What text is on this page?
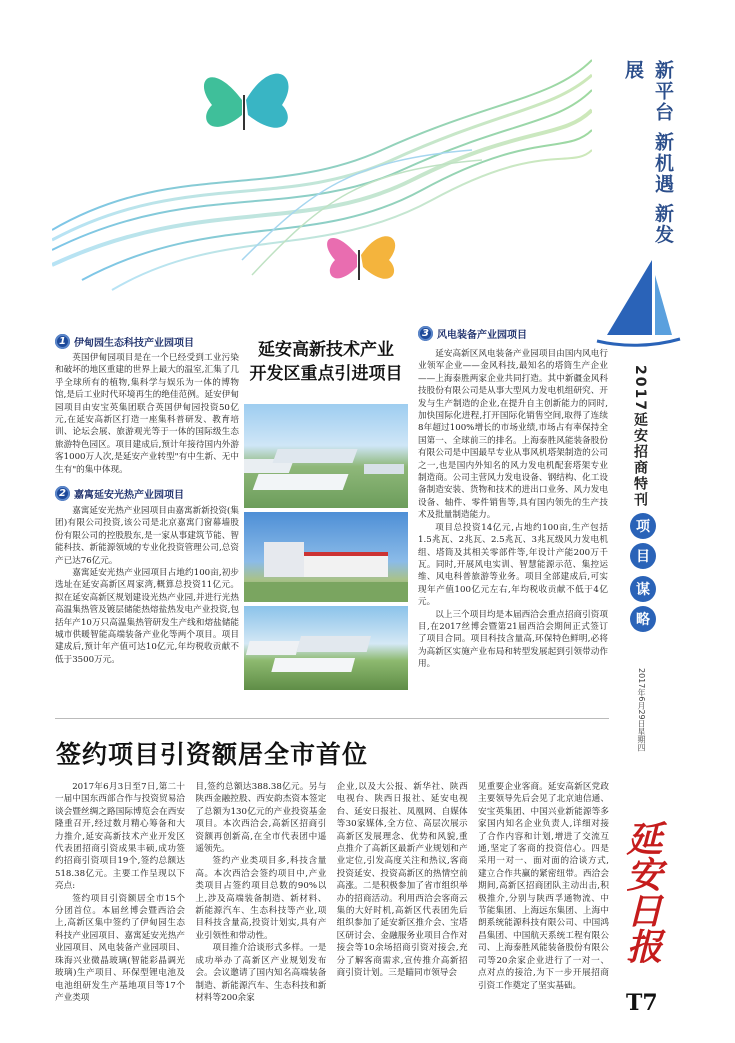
新平台 新机遇 新发展
2017延安招商特刊
项
目
谋
略
2017年6月29日星期四
延安日报
T7
1 伊甸园生态科技产业园项目

英国伊甸园项目是在一个巳经受到工业污染和破坏的地区重建的世界上最大的温室,汇集了几乎全球所有的植物,集科学与娱乐为一体的博物馆,是后工业时代环境再生的绝佳范例。延安伊甸园项目由安宝英集团联合英国伊甸园投资50亿元,在延安高新区打造一座集科普研发、教育培训、论坛会展、旅游观光等于一体的国际级生态旅游特色园区。项目建成后,预计年接待国内外游客1000万人次,是延安产业转型"有中生新、无中生有"的集中体现。

2 嘉寓延安光热产业园项目

嘉寓延安光热产业园项目由嘉寓新新投资(集团)有限公司投资,该公司是北京嘉寓门窗幕墙股份有限公司的控股股东,是一家从事建筑节能、智能科技、新能源领域的专业化投资管理公司,总资产已达76亿元。

嘉寓延安光热产业园项目占地约100亩,初步选址在延安高新区周家湾,概算总投资11亿元。拟在延安高新区规划建设光热产业园,并进行光热高温集热管及镀层储能热熔盐热发电产业投资,包括年产10万只高温集热管研发生产线和熔盐储能城市供暖智能高端装备产业化等两个项目。项目建成后,预计年产值可达10亿元,年均税收贡献不低于3500万元。

延安高新技术产业
开发区重点引进项目
3 风电装备产业园项目

延安高新区风电装备产业园项目由国内风电行业领军企业——金风科技,最知名的塔筒生产企业——上海泰胜两家企业共同打造。其中新疆金风科技股份有限公司是从事大型风力发电机组研究、开发与生产制造的企业,在提升自主创新能力的同时,加快国际化进程,打开国际化销售空间,取得了连续8年超过100%增长的市场业绩,市场占有率保持全国第一、全球前三的排名。上海泰胜风能装备股份有限公司是中国最早专业从事风机塔架制造的公司之一,也是国内外知名的风力发电机配套塔架专业制造商。公司主营风力发电设备、钢结构、化工设备制造安装、货物和技术的进出口业务、风力发电设备、轴件、零件销售等,具有国内领先的生产技术及批量制造能力。

项目总投资14亿元,占地约100亩,生产包括1.5兆瓦、2兆瓦、2.5兆瓦、3兆瓦级风力发电机组、塔筒及其相关零部件等,年设计产能200万千瓦。同时,开展风电实训、智慧能源示范、集控运维、风电科普旅游等业务。项目全部建成后,可实现年产值100亿元左右,年均税收贡献不低于4亿元。

以上三个项目均是本届西洽会重点招商引资项目,在2017丝博会暨第21届西洽会期间正式签订了项目合同。项目科技含量高,环保特色鲜明,必将为高新区实施产业布局和转型发展起到引领带动作用。

签约项目引资额居全市首位

2017年6月3日至7日,第二十一届中国东西部合作与投资贸易洽谈会暨丝绸之路国际博览会在西安隆重召开,经过数月精心筹备和大力推介,延安高新技术产业开发区代表团招商引资成果丰硕,成功签约招商引资项目19个,签约总额达518.38亿元。主要工作呈现以下亮点:

签约项目引资额居全市15个分团首位。本届丝博会暨西洽会上,高新区集中签约了伊甸园生态科技产业园项目、嘉寓延安光热产业园项目、风电装备产业园项目、珠海兴业微晶玻璃(智能彩晶调光玻璃)生产项目、环保型锂电池及电池组研发生产基地项目等17个产业类项

目,签约总额达388.38亿元。另与陕西金融控股、西安韵杰资本签定了总额为130亿元的产业投资基金项目。本次西洽会,高新区招商引资额再创新高,在全市代表团中遥遥领先。

签约产业类项目多,科技含量高。本次西洽会签约项目中,产业类项目占签约项目总数的90%以上,涉及高端装备制造、新材料、新能源汽车、生态科技等产业,项目科技含量高,投资计划实,具有产业引领性和带动性。

项目推介洽谈形式多样。一是成功举办了高新区产业规划发布会。会议邀请了国内知名高端装备制造、新能源汽车、生态科技和新材料等200余家

企业,以及大公报、新华社、陕西电视台、陕西日报社、延安电视台、延安日报社、凤凰网、自媒体等30家媒体,全方位、高层次展示高新区发展理念、优势和风貌,重点推介了高新区最新产业规划和产业定位,引发高度关注和热议,客商投资延安、投资高新区的热情空前高涨。二是积极参加了省市组织举办的招商活动。利用西洽会客商云集的大好时机,高新区代表团先后组织参加了延安新区推介会、宝塔区研讨会、金融服务业项目合作对接会等10余场招商引资对接会,充分了解客商需求,宣传推介高新招商引资计划。三是瞄同市领导会

见重要企业客商。延安高新区党政主要领导先后会见了北京迪信通、安宝英集团、中国兴业新能源等多家国内知名企业负责人,详细对接了合作内容和计划,增进了交流互通,坚定了客商的投资信心。四是采用一对一、面对面的洽谈方式,建立合作共赢的紧密纽带。西洽会期间,高新区招商团队主动出击,积极推介,分别与陕西孚通物流、中节能集团、上海远东集团、上海中朗系统能源科技有限公司、中国鸿昌集团、中国航天系统工程有限公司、上海泰胜风能装备股份有限公司等20余家企业进行了一对一、点对点的接洽,为下一步开展招商引资工作奠定了坚实基础。
